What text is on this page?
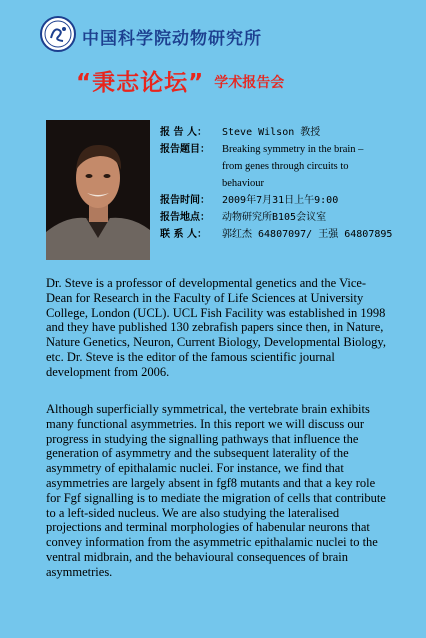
中国科学院动物研究所
“秉志论坛” 学术报告会
报 告 人：	Steve Wilson 教授
报告题目：	Breaking symmetry in the brain –
from genes through circuits to
behaviour
报告时间：	2009年7月31日上午9:00
报告地点：	动物研究所B105会议室
联 系 人：	郭红杰 64807097/ 王强 64807895

Dr. Steve is a professor of developmental genetics and the Vice-Dean for Research in the Faculty of Life Sciences at University College, London (UCL). UCL Fish Facility was established in 1998 and they have published 130 zebrafish papers since then, in Nature, Nature Genetics, Neuron, Current Biology, Developmental Biology, etc. Dr. Steve is the editor of the famous scientific journal development from 2006.

Although superficially symmetrical, the vertebrate brain exhibits many functional asymmetries. In this report we will discuss our progress in studying the signalling pathways that influence the generation of asymmetry and the subsequent laterality of the asymmetry of epithalamic nuclei. For instance, we find that asymmetries are largely absent in fgf8 mutants and that a key role for Fgf signalling is to mediate the migration of cells that contribute to a left-sided nucleus. We are also studying the lateralised projections and terminal morphologies of habenular neurons that convey information from the asymmetric epithalamic nuclei to the ventral midbrain, and the behavioural consequences of brain asymmetries.
